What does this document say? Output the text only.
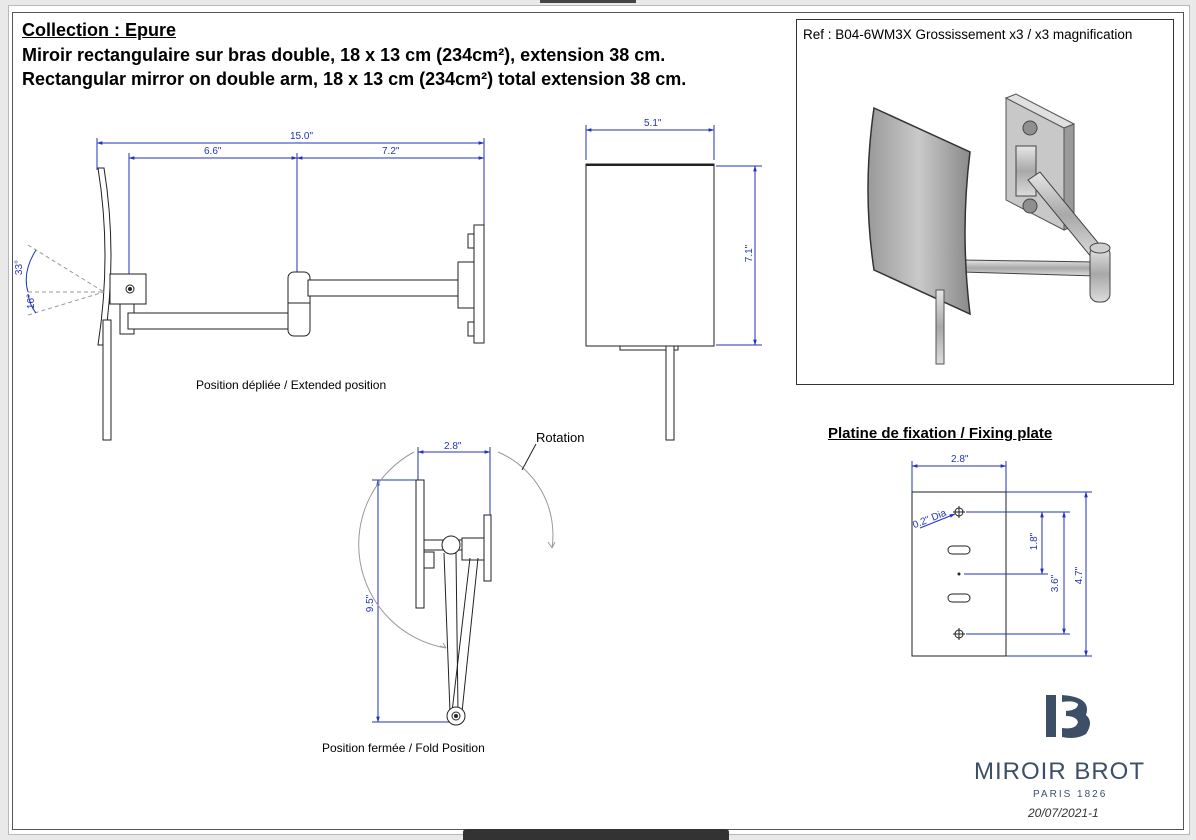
Collection : Epure
Miroir rectangulaire sur bras double, 18 x 13 cm (234cm²), extension 38 cm.
Rectangular mirror on double arm, 18 x 13 cm (234cm²) total extension 38 cm.
Ref : B04-6WM3X Grossissement x3 / x3 magnification
15.0"
6.6"	7.2"
33°
16°
5.1"
7.1"
2.8"
9.5"
2.8"
0.2" Dia
1.8"
3.6" 4.7"
Position dépliée / Extended position
Position fermée / Fold Position
Rotation	Platine de fixation / Fixing plate
MIROIR BROT
PARIS 1826
20/07/2021-1
